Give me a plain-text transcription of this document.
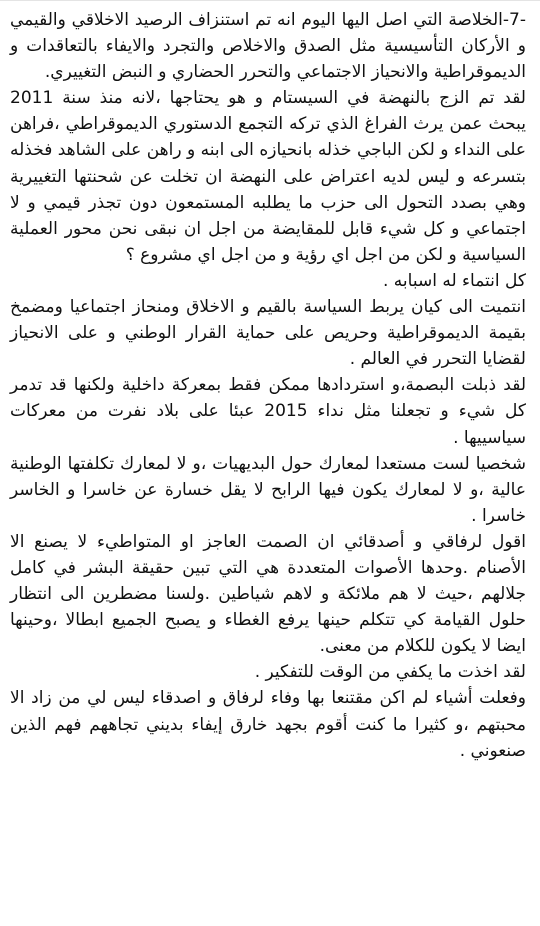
-7-الخلاصة التي اصل اليها اليوم انه تم استنزاف الرصيد الاخلاقي والقيمي و الأركان التأسيسية مثل الصدق والاخلاص والتجرد والايفاء بالتعاقدات و الديموقراطية والانحياز الاجتماعي والتحرر الحضاري و النبض التغييري.

لقد تم الزج بالنهضة في السيستام و هو يحتاجها ،لانه منذ سنة 2011 يبحث عمن يرث الفراغ الذي تركه التجمع الدستوري الديموقراطي ،فراهن على النداء و لكن الباجي خذله بانحيازه الى ابنه و راهن على الشاهد فخذله بتسرعه و ليس لديه اعتراض على النهضة ان تخلت عن شحنتها التغييرية وهي بصدد التحول الى حزب ما يطلبه المستمعون دون تجذر قيمي و لا اجتماعي و كل شيء قابل للمقايضة من اجل ان نبقى نحن محور العملية السياسية و لكن من اجل اي رؤية و من اجل اي مشروع ؟

كل انتماء له اسبابه .

انتميت الى كيان يربط السياسة بالقيم و الاخلاق ومنحاز اجتماعيا ومضمخ بقيمة الديموقراطية وحريص على حماية القرار الوطني و على الانحياز لقضايا التحرر في العالم .

لقد ذبلت البصمة،و استردادها ممكن فقط بمعركة داخلية ولكنها قد تدمر كل شيء و تجعلنا مثل نداء 2015 عبئا على بلاد نفرت من معركات سياسييها .

شخصيا لست مستعدا لمعارك حول البديهيات ،و لا لمعارك تكلفتها الوطنية عالية ،و لا لمعارك يكون فيها الرابح لا يقل خسارة عن خاسرا و الخاسر خاسرا .

اقول لرفاقي و أصدقائي ان الصمت العاجز او المتواطيء لا يصنع الا الأصنام .وحدها الأصوات المتعددة هي التي تبين حقيقة البشر في كامل جلالهم ،حيث لا هم ملائكة و لاهم شياطين .ولسنا مضطرين الى انتظار حلول القيامة كي تتكلم حينها يرفع الغطاء و يصبح الجميع ابطالا ،وحينها ايضا لا يكون للكلام من معنى.

لقد اخذت ما يكفي من الوقت للتفكير .

وفعلت أشياء لم اكن مقتنعا بها وفاء لرفاق و اصدقاء ليس لي من زاد الا محبتهم ،و كثيرا ما كنت أقوم بجهد خارق إيفاء بديني تجاههم فهم الذين صنعوني .
